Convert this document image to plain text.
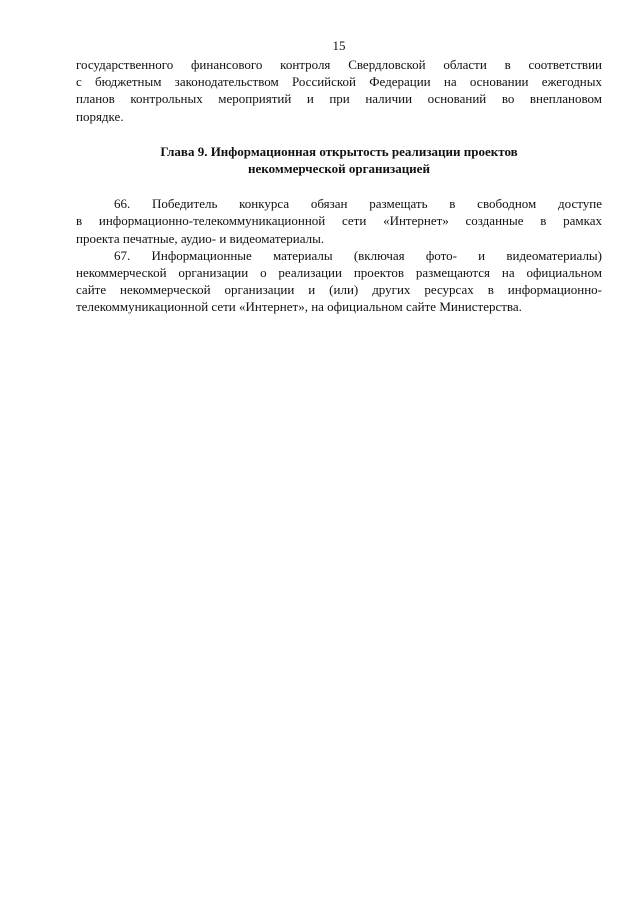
15
государственного финансового контроля Свердловской области в соответствии
с бюджетным законодательством Российской Федерации на основании ежегодных
планов контрольных мероприятий и при наличии оснований во внеплановом
порядке.
Глава 9. Информационная открытость реализации проектов
некоммерческой организацией
66. Победитель конкурса обязан размещать в свободном доступе
в информационно-телекоммуникационной сети «Интернет» созданные в рамках
проекта печатные, аудио- и видеоматериалы.
67. Информационные материалы (включая фото- и видеоматериалы)
некоммерческой организации о реализации проектов размещаются на официальном
сайте некоммерческой организации и (или) других ресурсах в информационно-
телекоммуникационной сети «Интернет», на официальном сайте Министерства.
